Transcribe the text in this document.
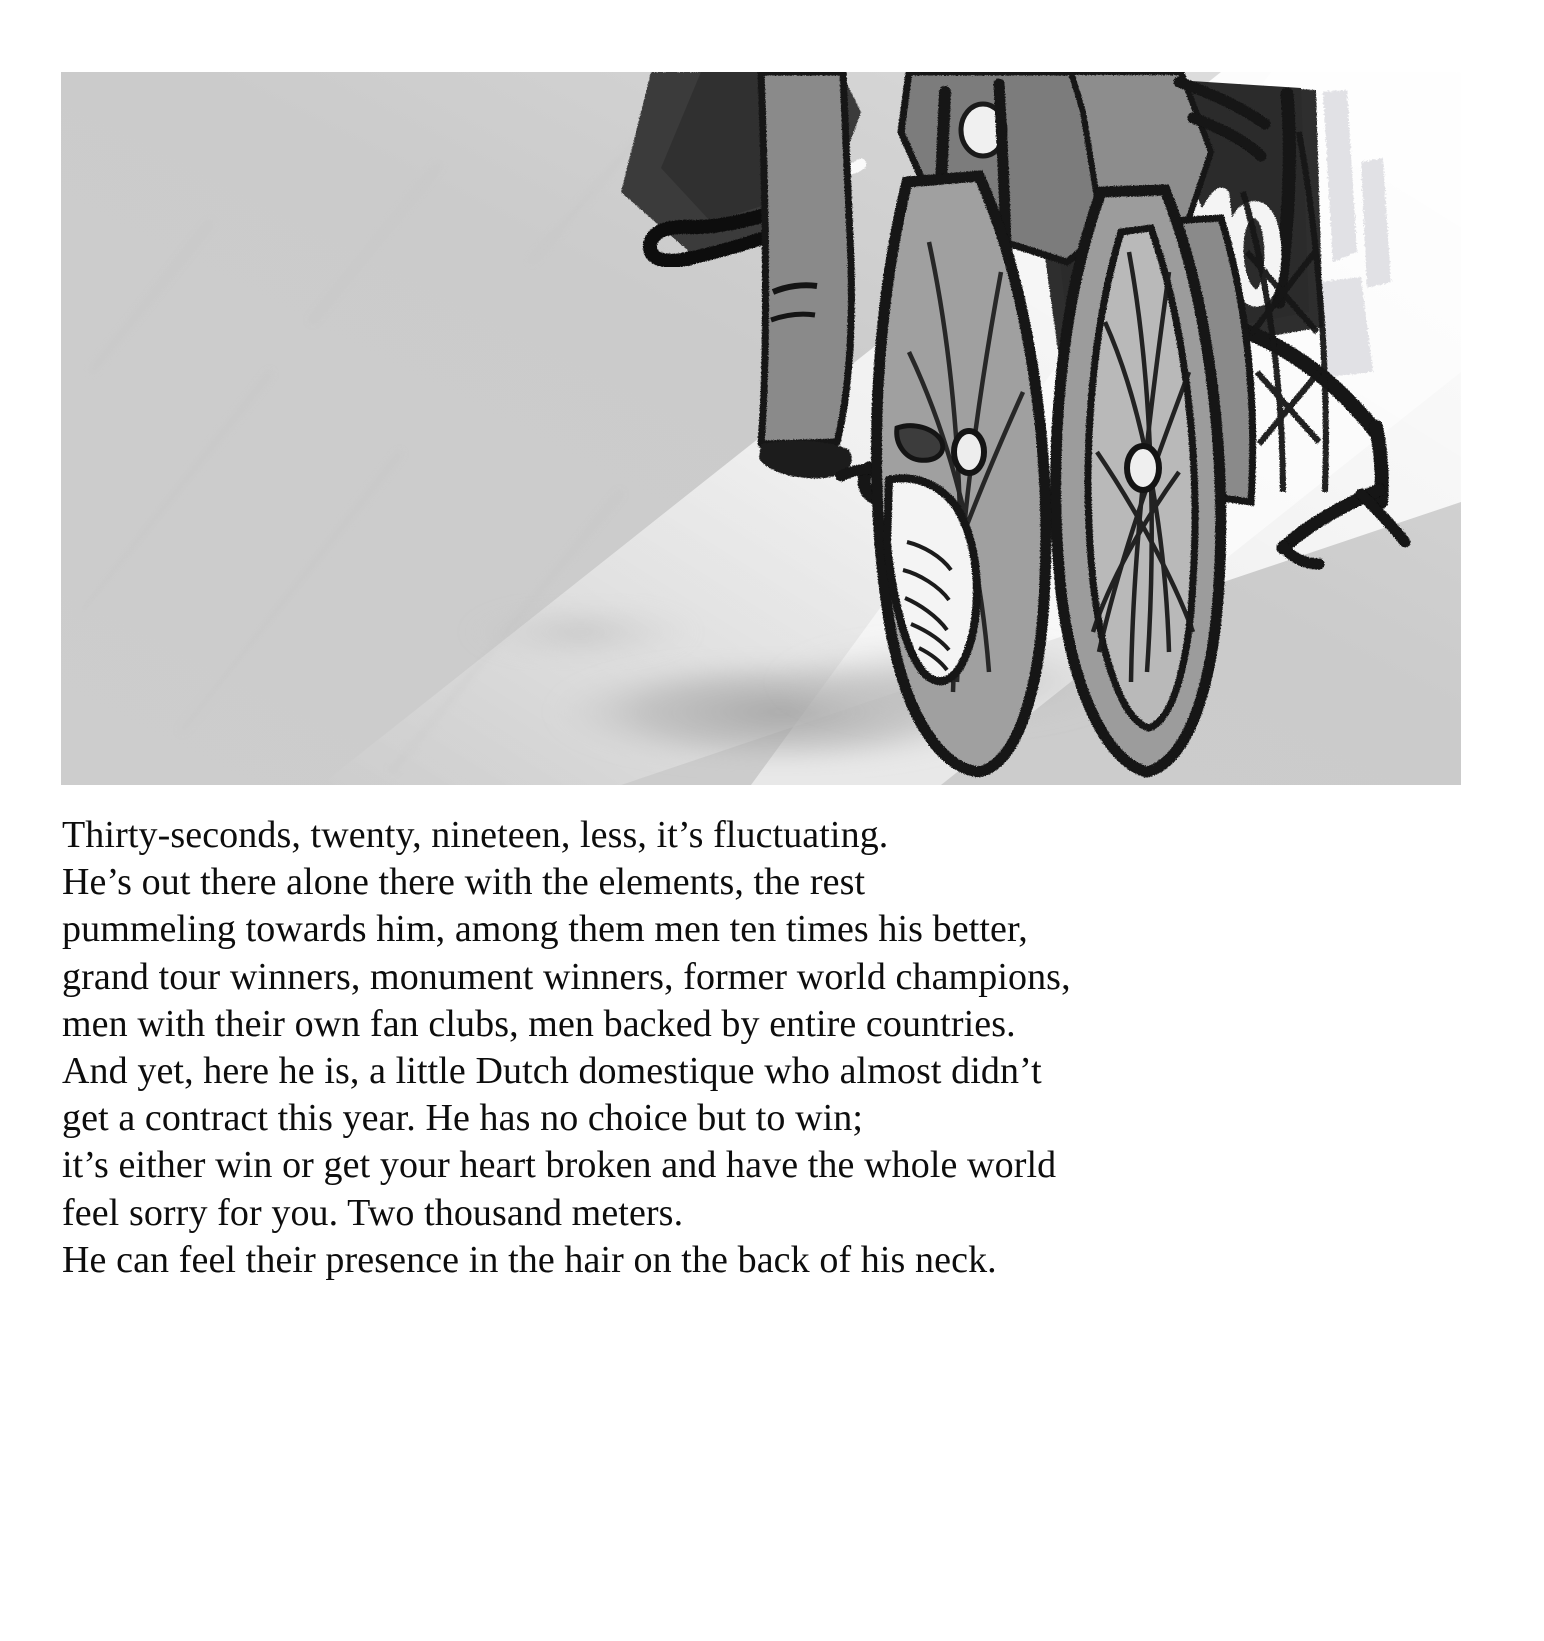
Thirty-seconds, twenty, nineteen, less, it’s fluctuating.
He’s out there alone there with the elements, the rest
pummeling towards him, among them men ten times his better,
grand tour winners, monument winners, former world champions,
men with their own fan clubs, men backed by entire countries.
And yet, here he is, a little Dutch domestique who almost didn’t
get a contract this year. He has no choice but to win;
it’s either win or get your heart broken and have the whole world
feel sorry for you. Two thousand meters.
He can feel their presence in the hair on the back of his neck.
